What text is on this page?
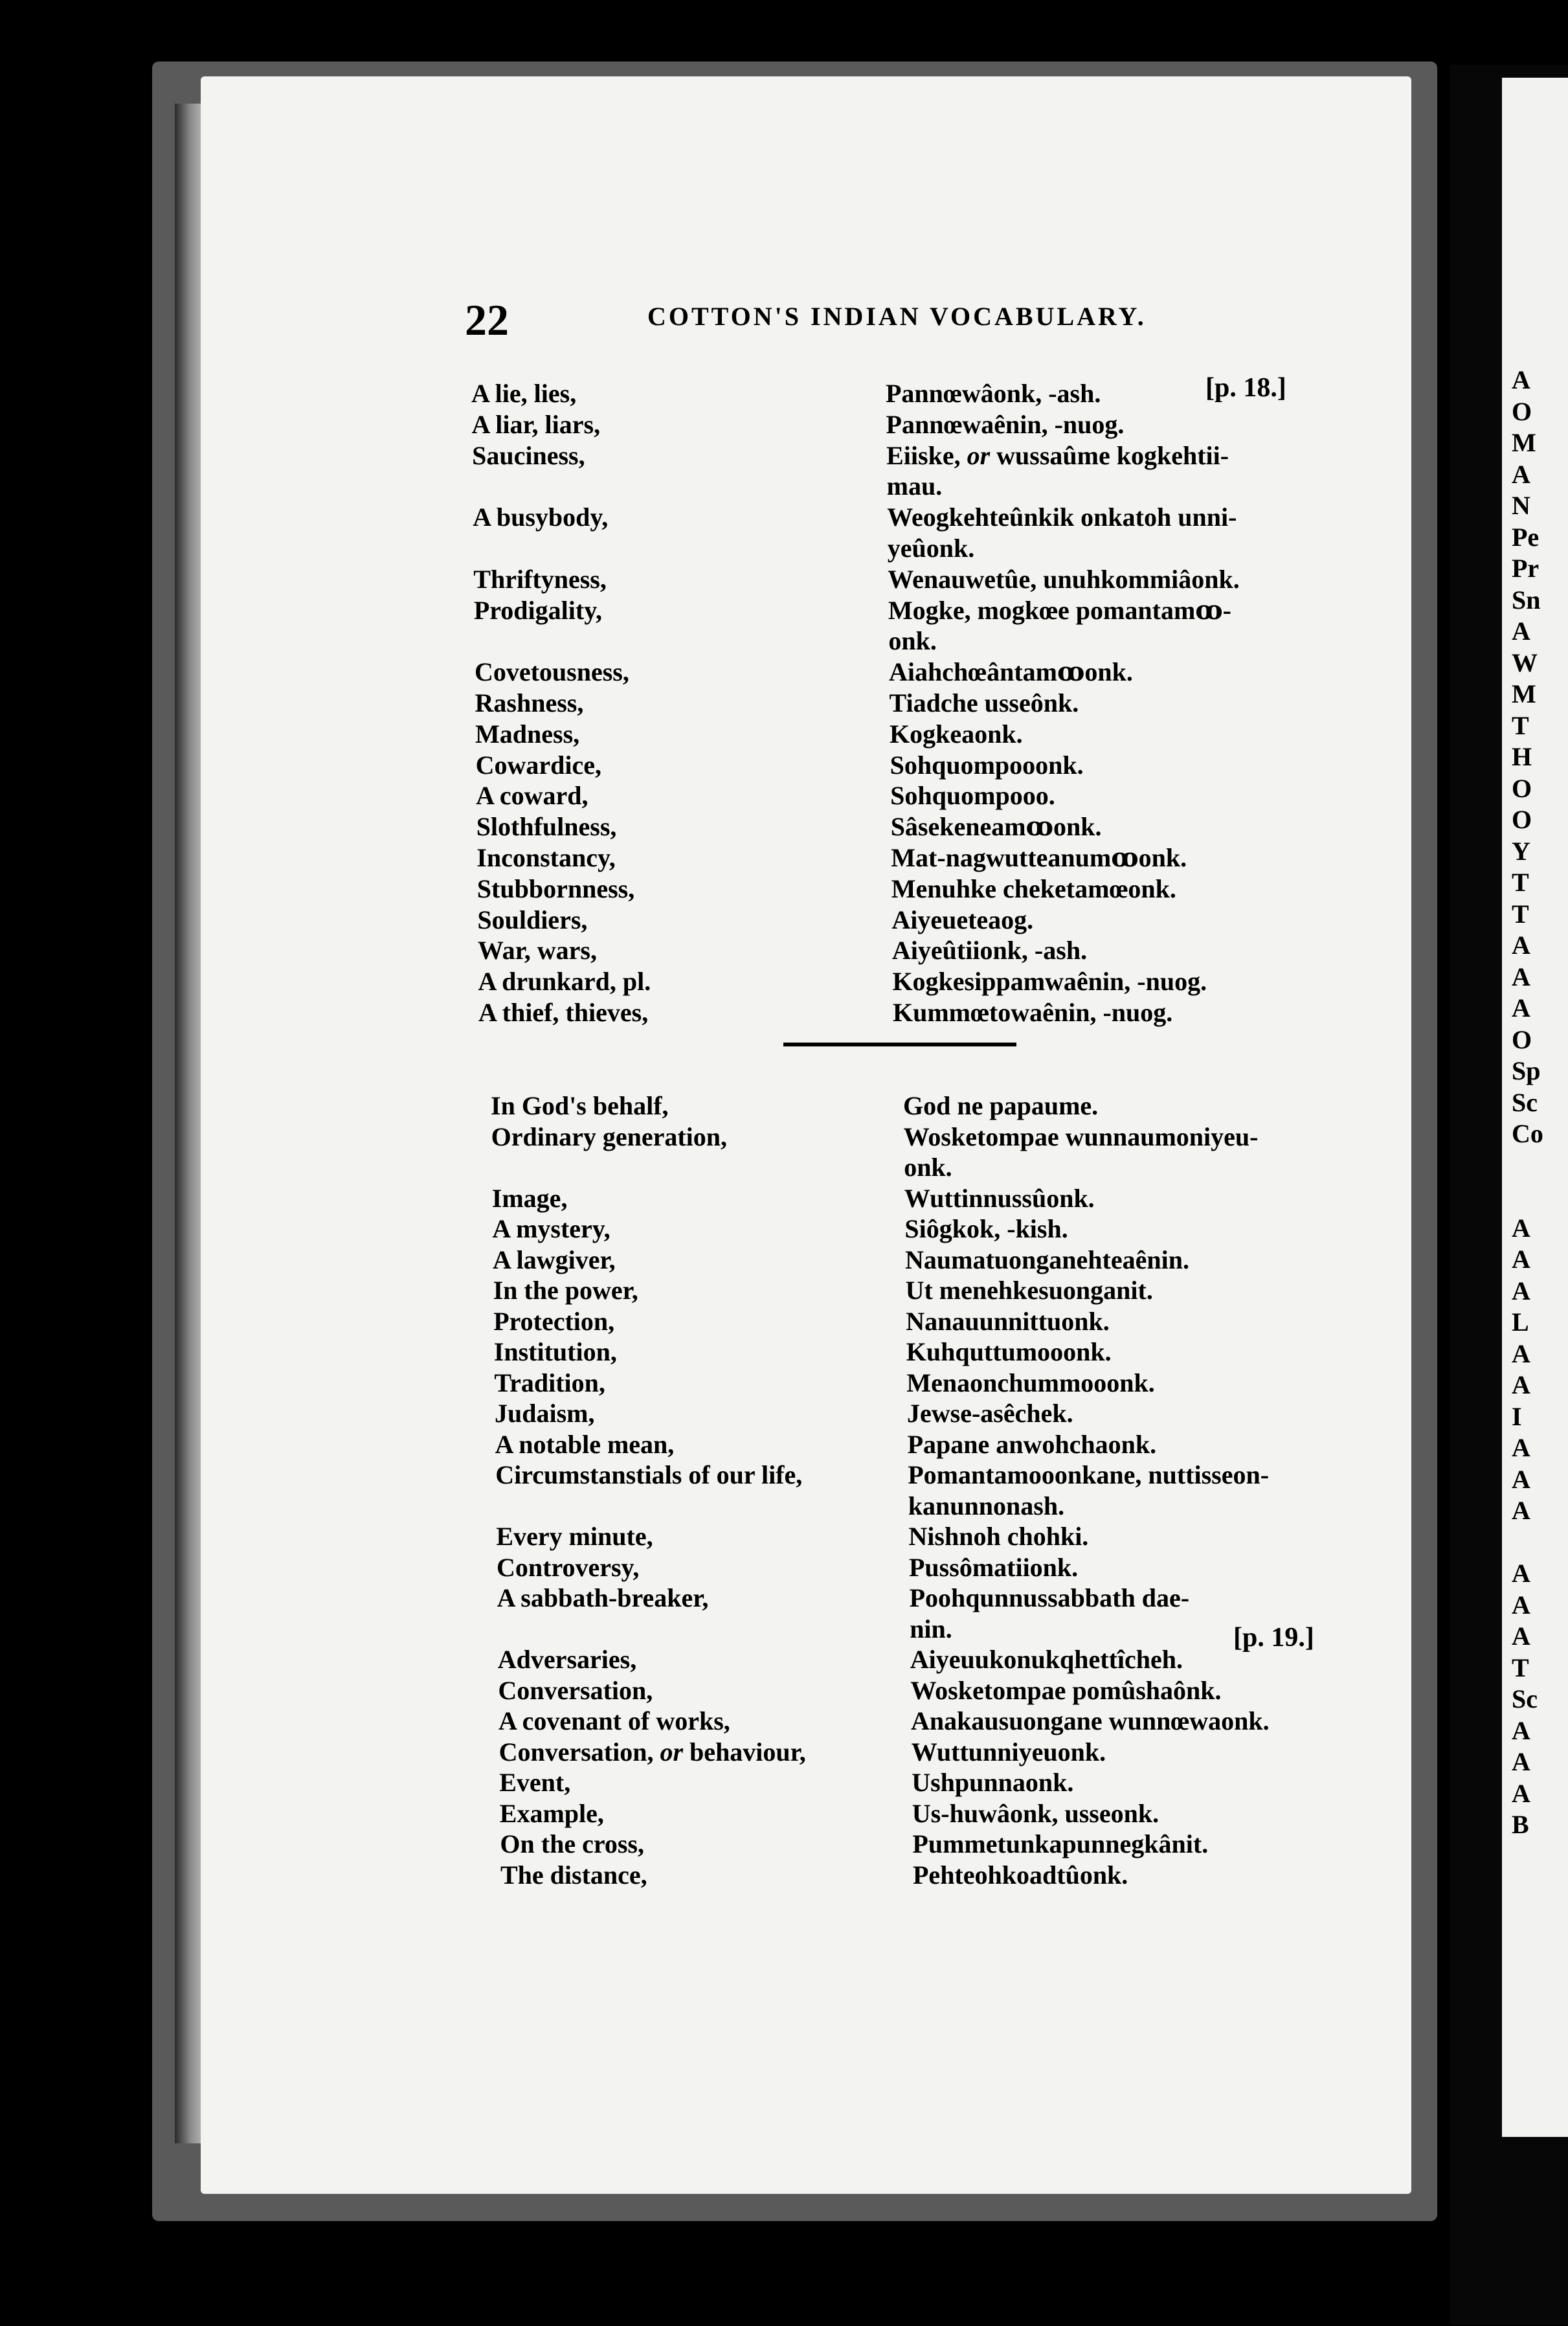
22	COTTON'S INDIAN VOCABULARY.
[p. 18.]
[p. 19.]
A lie, lies,	Pannœwâonk, -ash.
A liar, liars,	Pannœwaênin, -nuog.
Sauciness,	Eiiske, or wussaûme kogkehtii-
mau.
A busybody,	Weogkehteûnkik onkatoh unni-
yeûonk.
Thriftyness,	Wenauwetûe, unuhkommiâonk.
Prodigality,	Mogke, mogkœe pomantamꝏ-
onk.
Covetousness,	Aiahchœântamꝏonk.
Rashness,	Tiadche usseônk.
Madness,	Kogkeaonk.
Cowardice,	Sohquompooonk.
A coward,	Sohquompooo.
Slothfulness,	Sâsekeneamꝏonk.
Inconstancy,	Mat-nagwutteanumꝏonk.
Stubbornness,	Menuhke cheketamœonk.
Souldiers,	Aiyeueteaog.
War, wars,	Aiyeûtiionk, -ash.
A drunkard, pl.	Kogkesippamwaênin, -nuog.
A thief, thieves,	Kummœtowaênin, -nuog.
In God's behalf,	God ne papaume.
Ordinary generation,	Wosketompae wunnaumoniyeu-
onk.
Image,	Wuttinnussûonk.
A mystery,	Siôgkok, -kish.
A lawgiver,	Naumatuonganehteaênin.
In the power,	Ut menehkesuonganit.
Protection,	Nanauunnittuonk.
Institution,	Kuhquttumooonk.
Tradition,	Menaonchummooonk.
Judaism,	Jewse-asêchek.
A notable mean,	Papane anwohchaonk.
Circumstanstials of our life,	Pomantamooonkane, nuttisseon-
kanunnonash.
Every minute,	Nishnoh chohki.
Controversy,	Pussômatiionk.
A sabbath-breaker,	Poohqunnussabbath dae-
nin.
Adversaries,	Aiyeuukonukqhettîcheh.
Conversation,	Wosketompae pomûshaônk.
A covenant of works,	Anakausuongane wunnœwaonk.
Conversation, or behaviour,	Wuttunniyeuonk.
Event,	Ushpunnaonk.
Example,	Us-huwâonk, usseonk.
On the cross,	Pummetunkapunnegkânit.
The distance,	Pehteohkoadtûonk.
A
O
M
A
N
Pe
Pr
Sn
A
W
M
T
H
O
O
Y
T
T
A
A
A
O
Sp
Sc
Co
A
A
A
L
A
A
I
A
A
A
A
A
A
T
Sc
A
A
A
B
